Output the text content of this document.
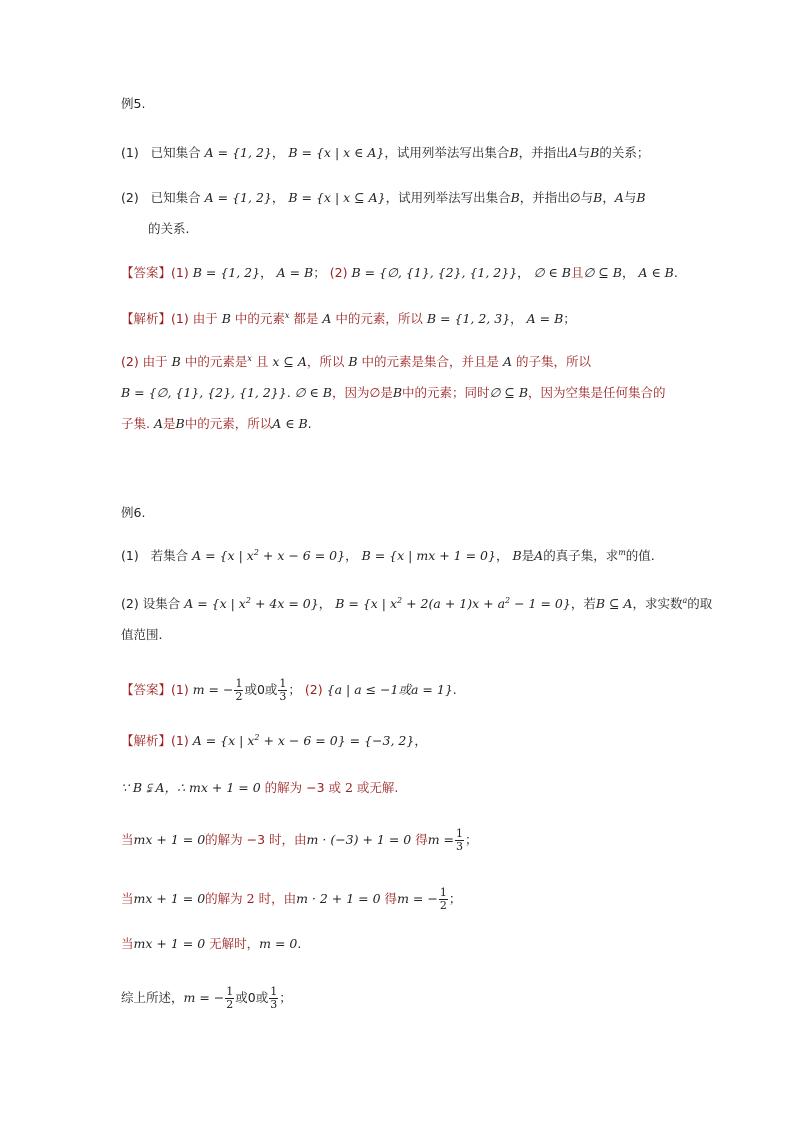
例5.
(1) 已知集合 A = {1, 2}， B = {x | x ∈ A}，试用列举法写出集合B，并指出A与B的关系；
(2) 已知集合 A = {1, 2}， B = {x | x ⊆ A}，试用列举法写出集合B，并指出∅与B，A与B
的关系.
【答案】(1) B = {1, 2}， A = B； (2) B = {∅, {1}, {2}, {1, 2}}， ∅ ∈ B且∅ ⊆ B， A ∈ B.
【解析】(1) 由于 B 中的元素$^x$ 都是 A 中的元素，所以 B = {1, 2, 3}， A = B；
(2) 由于 B 中的元素是$^x$ 且 x ⊆ A，所以 B 中的元素是集合，并且是 A 的子集，所以
B = {∅, {1}, {2}, {1, 2}}. ∅ ∈ B，因为∅是B中的元素；同时∅ ⊆ B，因为空集是任何集合的
子集. A是B中的元素，所以A ∈ B.
例6.
(1) 若集合 A = {x | $x^2 + x - 6 = 0$}， B = {x | mx + 1 = 0}， B是A的真子集，求$^m$的值.
(2) 设集合 A = {x | $x^2 + 4x = 0$}， B = {x | $x^2 + 2(a + 1)x + a^2 - 1 = 0$}，若B ⊆ A，求实数$^a$的取
值范围.
【答案】(1) m = − $\frac{1}{2}$ 或0或 $\frac{1}{3}$ ； (2) {a | a ≤ −1或a = 1}.
【解析】(1) A = {x | $x^2 + x - 6 = 0\} = \{-3$, 2}，
∵ B ⫋ A，∴ mx + 1 = 0 的解为 −3 或 2 或无解.
当mx + 1 = 0的解为 −3 时，由m · (−3) + 1 = 0 得$m = \frac{1}{3}$ ；
当mx + 1 = 0的解为 2 时，由m · 2 + 1 = 0 得m = − $\frac{1}{2}$ ；
当mx + 1 = 0 无解时，m = 0.
综上所述，m = − $\frac{1}{2}$ 或0或 $\frac{1}{3}$ ；
